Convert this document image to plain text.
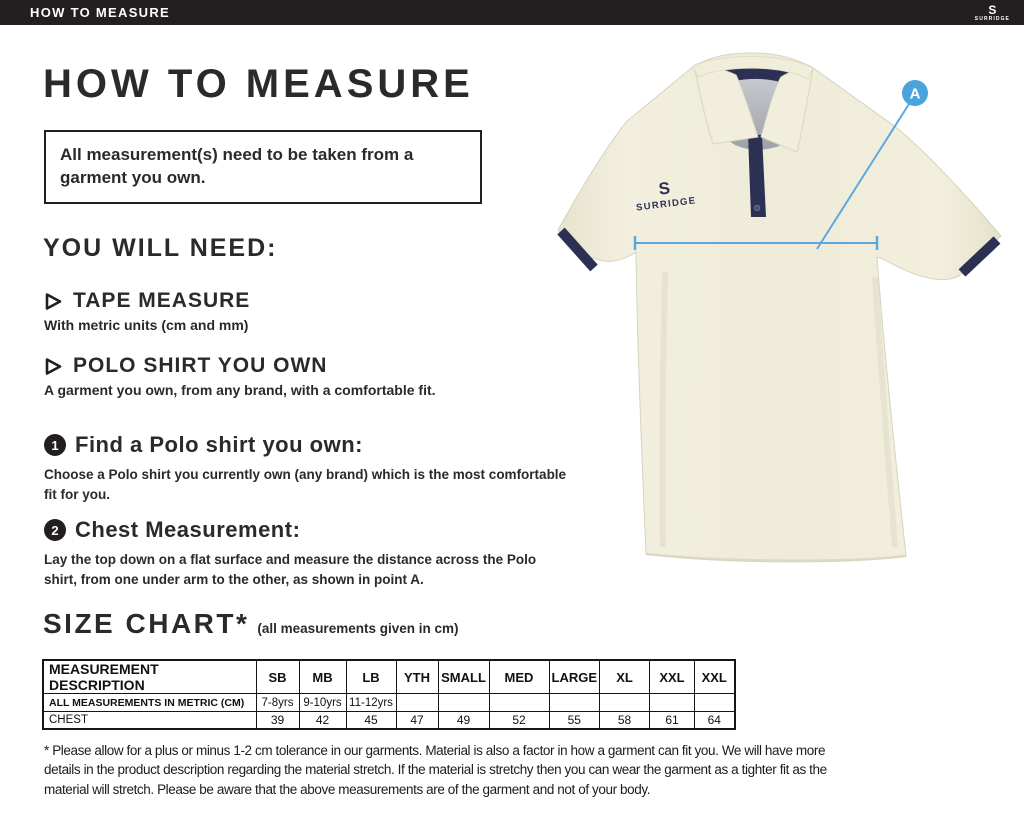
HOW TO MEASURE	S
SURRIDGE
HOW TO MEASURE
All measurement(s) need to be taken from a garment you own.
YOU WILL NEED:
TAPE MEASURE
With metric units (cm and mm)
POLO SHIRT YOU OWN
A garment you own, from any brand, with a comfortable fit.
1 Find a Polo shirt you own:
Choose a Polo shirt you currently own (any brand) which is the most comfortable fit for you.
2 Chest Measurement:
Lay the top down on a flat surface and measure the distance across the Polo shirt, from one under arm to the other, as shown in point A.
SIZE CHART* (all measurements given in cm)
MEASUREMENT DESCRIPTION	SB	MB	LB	YTH	SMALL	MED	LARGE	XL	XXL	XXL
ALL MEASUREMENTS IN METRIC (CM)	7-8yrs	9-10yrs	11-12yrs							
CHEST	39	42	45	47	49	52	55	58	61	64
* Please allow for a plus or minus 1-2 cm tolerance in our garments. Material is also a factor in how a garment can fit you. We will have more details in the product description regarding the material stretch. If the material is stretchy then you can wear the garment as a tighter fit as the material will stretch. Please be aware that the above measurements are of the garment and not of your body.
S
SURRIDGE
A
